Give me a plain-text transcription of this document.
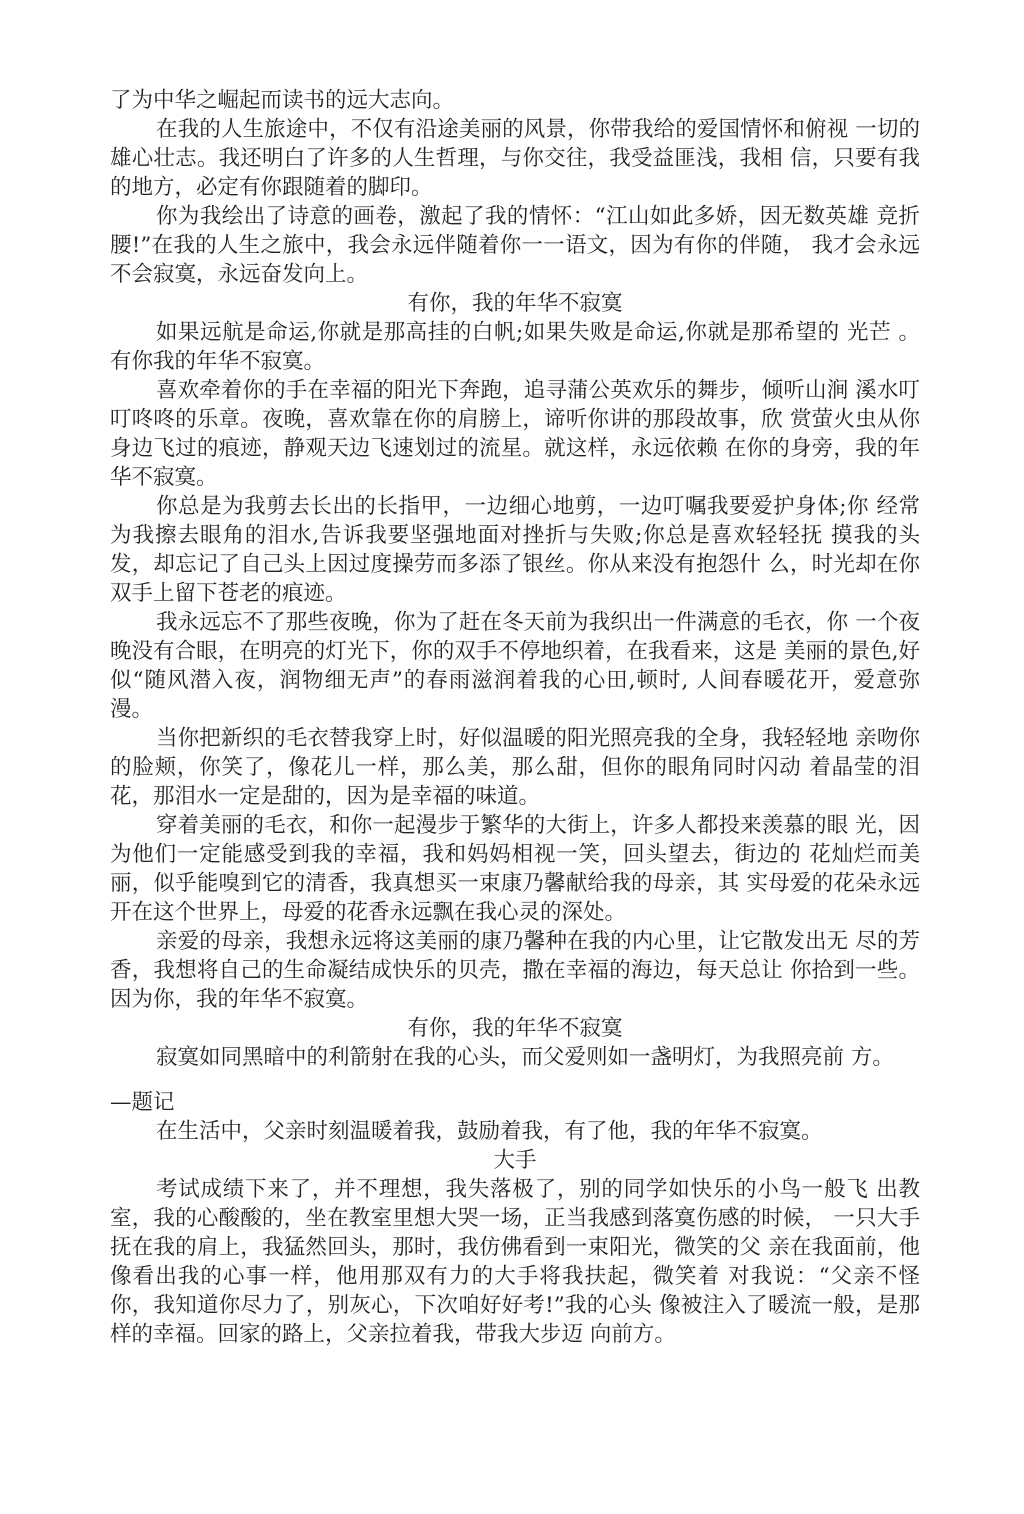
了为中华之崛起而读书的远大志向。

在我的人生旅途中，不仅有沿途美丽的风景，你带我给的爱国情怀和俯视 一切的雄心壮志。我还明白了许多的人生哲理，与你交往，我受益匪浅，我相 信，只要有我的地方，必定有你跟随着的脚印。

你为我绘出了诗意的画卷，激起了我的情怀：“江山如此多娇，因无数英雄 竞折腰!”在我的人生之旅中，我会永远伴随着你一一语文，因为有你的伴随， 我才会永远不会寂寞，永远奋发向上。

有你，我的年华不寂寞

如果远航是命运,你就是那高挂的白帆;如果失败是命运,你就是那希望的 光芒 。有你我的年华不寂寞。

喜欢牵着你的手在幸福的阳光下奔跑，追寻蒲公英欢乐的舞步，倾听山涧 溪水叮叮咚咚的乐章。夜晚，喜欢靠在你的肩膀上，谛听你讲的那段故事，欣 赏萤火虫从你身边飞过的痕迹，静观天边飞速划过的流星。就这样，永远依赖 在你的身旁，我的年华不寂寞。

你总是为我剪去长出的长指甲，一边细心地剪，一边叮嘱我要爱护身体;你 经常为我擦去眼角的泪水,告诉我要坚强地面对挫折与失败;你总是喜欢轻轻抚 摸我的头发，却忘记了自己头上因过度操劳而多添了银丝。你从来没有抱怨什 么，时光却在你双手上留下苍老的痕迹。

我永远忘不了那些夜晚，你为了赶在冬天前为我织出一件满意的毛衣，你 一个夜晚没有合眼，在明亮的灯光下，你的双手不停地织着，在我看来，这是 美丽的景色,好似“随风潜入夜，润物细无声”的春雨滋润着我的心田,顿时, 人间春暖花开，爱意弥漫。

当你把新织的毛衣替我穿上时，好似温暖的阳光照亮我的全身，我轻轻地 亲吻你的脸颊，你笑了，像花儿一样，那么美，那么甜，但你的眼角同时闪动 着晶莹的泪花，那泪水一定是甜的，因为是幸福的味道。

穿着美丽的毛衣，和你一起漫步于繁华的大街上，许多人都投来羡慕的眼 光，因为他们一定能感受到我的幸福，我和妈妈相视一笑，回头望去，街边的 花灿烂而美丽，似乎能嗅到它的清香，我真想买一束康乃馨献给我的母亲，其 实母爱的花朵永远开在这个世界上，母爱的花香永远飘在我心灵的深处。

亲爱的母亲，我想永远将这美丽的康乃馨种在我的内心里，让它散发出无 尽的芳香，我想将自己的生命凝结成快乐的贝壳，撒在幸福的海边，每天总让 你拾到一些。因为你，我的年华不寂寞。

有你，我的年华不寂寞

寂寞如同黑暗中的利箭射在我的心头，而父爱则如一盏明灯，为我照亮前 方。

—题记

在生活中，父亲时刻温暖着我，鼓励着我，有了他，我的年华不寂寞。

大手

考试成绩下来了，并不理想，我失落极了，别的同学如快乐的小鸟一般飞 出教室，我的心酸酸的，坐在教室里想大哭一场，正当我感到落寞伤感的时候， 一只大手抚在我的肩上，我猛然回头，那时，我仿佛看到一束阳光，微笑的父 亲在我面前，他像看出我的心事一样，他用那双有力的大手将我扶起，微笑着 对我说：“父亲不怪你，我知道你尽力了，别灰心，下次咱好好考!”我的心头 像被注入了暖流一般，是那样的幸福。回家的路上，父亲拉着我，带我大步迈 向前方。
